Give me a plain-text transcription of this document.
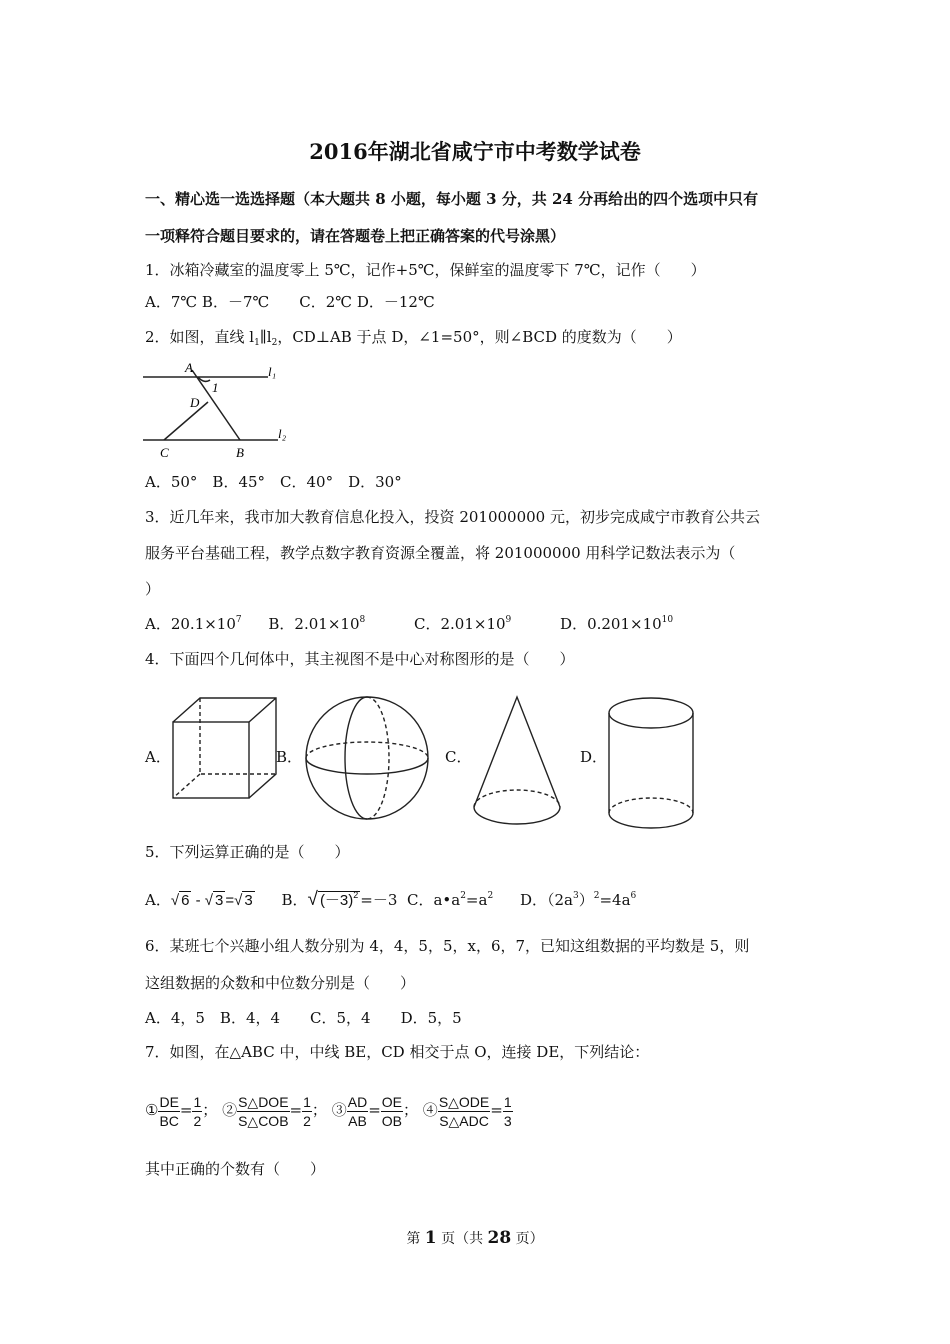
2016年湖北省咸宁市中考数学试卷
一、精心选一选选择题（本大题共 8 小题，每小题 3 分，共 24 分再给出的四个选项中只有
一项释符合题目要求的，请在答题卷上把正确答案的代号涂黑）
1．冰箱冷藏室的温度零上 5℃，记作+5℃，保鲜室的温度零下 7℃，记作（　　）
A．7℃ B．－7℃　　C．2℃ D．－12℃
2．如图，直线 $l_1\parallel l_2$，CD⊥AB 于点 D，∠1=50°，则∠BCD 的度数为（　　）
A
1
D
C	B
l₁
l₂
A．50°　B．45°　C．40°　D．30°
3．近几年来，我市加大教育信息化投入，投资 201000000 元，初步完成咸宁市教育公共云
服务平台基础工程，教学点数字教育资源全覆盖，将 201000000 用科学记数法表示为（
）
A．$20.1\times 10^7$ B．$2.01\times 10^8$	C．$2.01\times 10^9$	D．$0.201\times 10^{10}$
4．下面四个几何体中，其主视图不是中心对称图形的是（　　）
A．	B．	C．	D．
5．下列运算正确的是（　　）
A．√ 6 - √ 3 =√ 3 B．√ $(-3)^2 =-3$ C．$a•a^2=a^2$ D．$(2a^3)^2=4a^6$
6．某班七个兴趣小组人数分别为 4，4，5，5，x，6，7，已知这组数据的平均数是 5，则
这组数据的众数和中位数分别是（　　）
A．4，5　B．4，4　　C．5，4　　D．5，5
7．如图，在△ABC 中，中线 BE，CD 相交于点 O，连接 DE，下列结论：
① $\frac{DE}{BC} = \frac{1}{2}$ ； ② S△DOE
S△COB
= $\frac{1}{2}$ ； ③ $\frac{AD}{AB} = \frac{OE}{OB}$ ； ④ S△ODE
S△ADC
= $\frac{1}{3}$
其中正确的个数有（　　）
第 1 页（共 28 页）
